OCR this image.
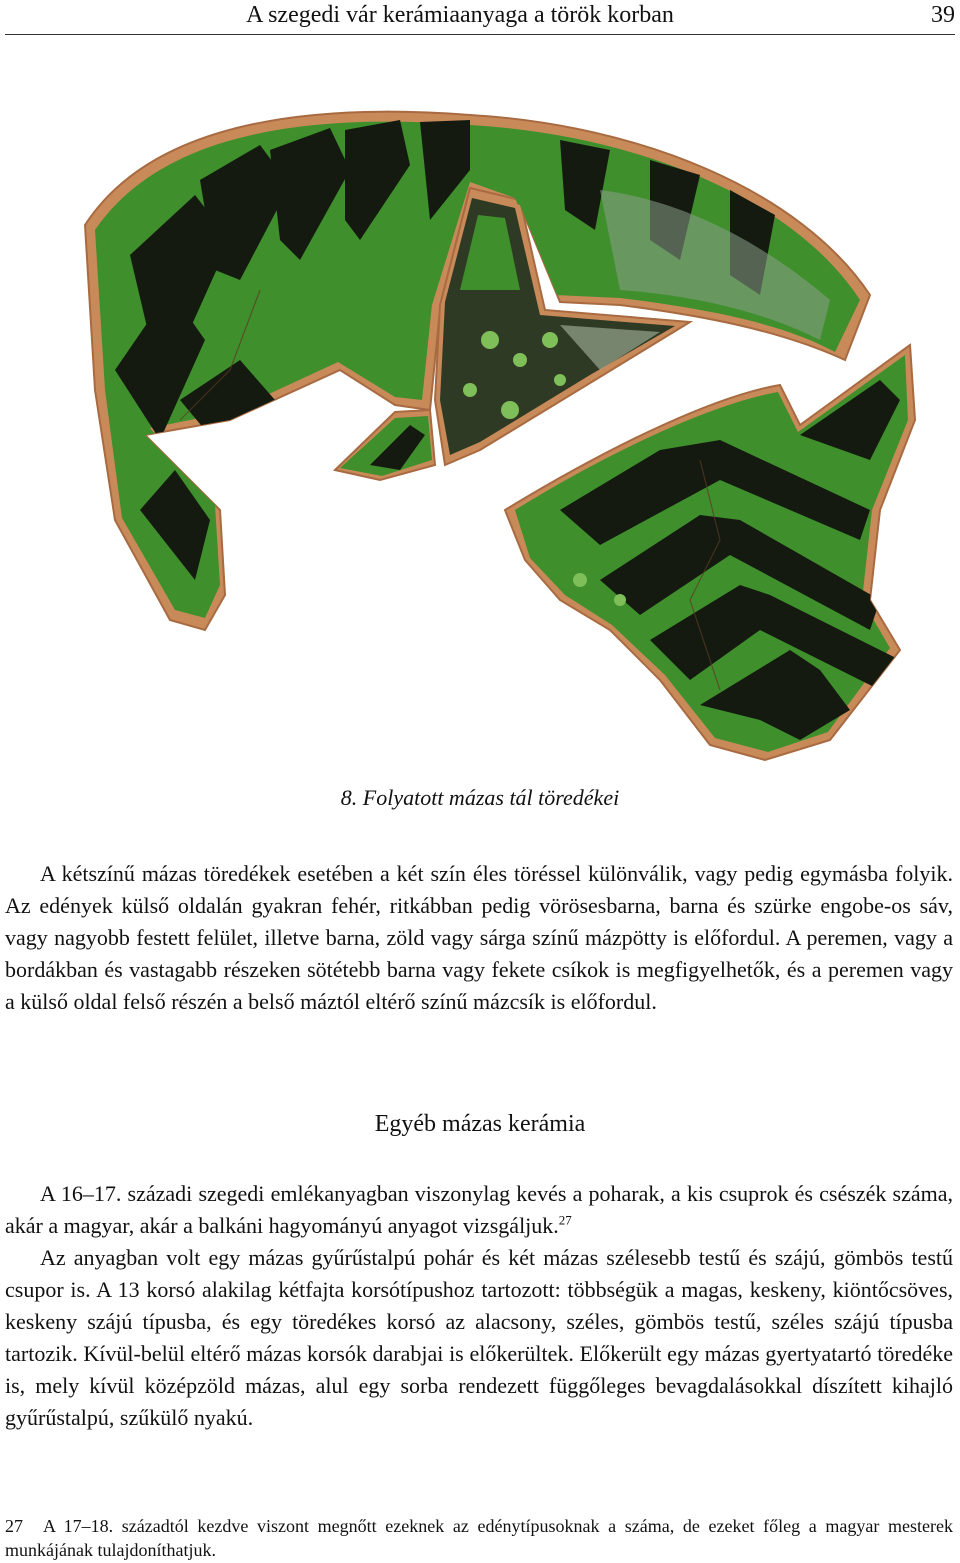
A szegedi vár kerámiaanyaga a török korban	39
8. Folyatott mázas tál töredékei

A kétszínű mázas töredékek esetében a két szín éles töréssel különválik, vagy pedig egymásba folyik. Az edények külső oldalán gyakran fehér, ritkábban pedig vörösesbarna, barna és szürke engobe-os sáv, vagy nagyobb festett felület, illetve barna, zöld vagy sárga színű mázpötty is előfordul. A peremen, vagy a bordákban és vastagabb részeken sötétebb barna vagy fekete csíkok is megfigyelhetők, és a peremen vagy a külső oldal felső részén a belső máztól eltérő színű mázcsík is előfordul.

Egyéb mázas kerámia

A 16–17. századi szegedi emlékanyagban viszonylag kevés a poharak, a kis csuprok és csészék száma, akár a magyar, akár a balkáni hagyományú anyagot vizsgáljuk.$^{27}$

Az anyagban volt egy mázas gyűrűstalpú pohár és két mázas szélesebb testű és szájú, gömbös testű csupor is. A 13 korsó alakilag kétfajta korsótípushoz tartozott: többségük a magas, keskeny, kiöntőcsöves, keskeny szájú típusba, és egy töredékes korsó az alacsony, széles, gömbös testű, széles szájú típusba tartozik. Kívül-belül eltérő mázas korsók darabjai is előkerültek. Előkerült egy mázas gyertyatartó töredéke is, mely kívül középzöld mázas, alul egy sorba rendezett függőleges bevagdalásokkal díszített kihajló gyűrűstalpú, szűkülő nyakú.

27 A 17–18. századtól kezdve viszont megnőtt ezeknek az edénytípusoknak a száma, de ezeket főleg a magyar mesterek munkájának tulajdoníthatjuk.
